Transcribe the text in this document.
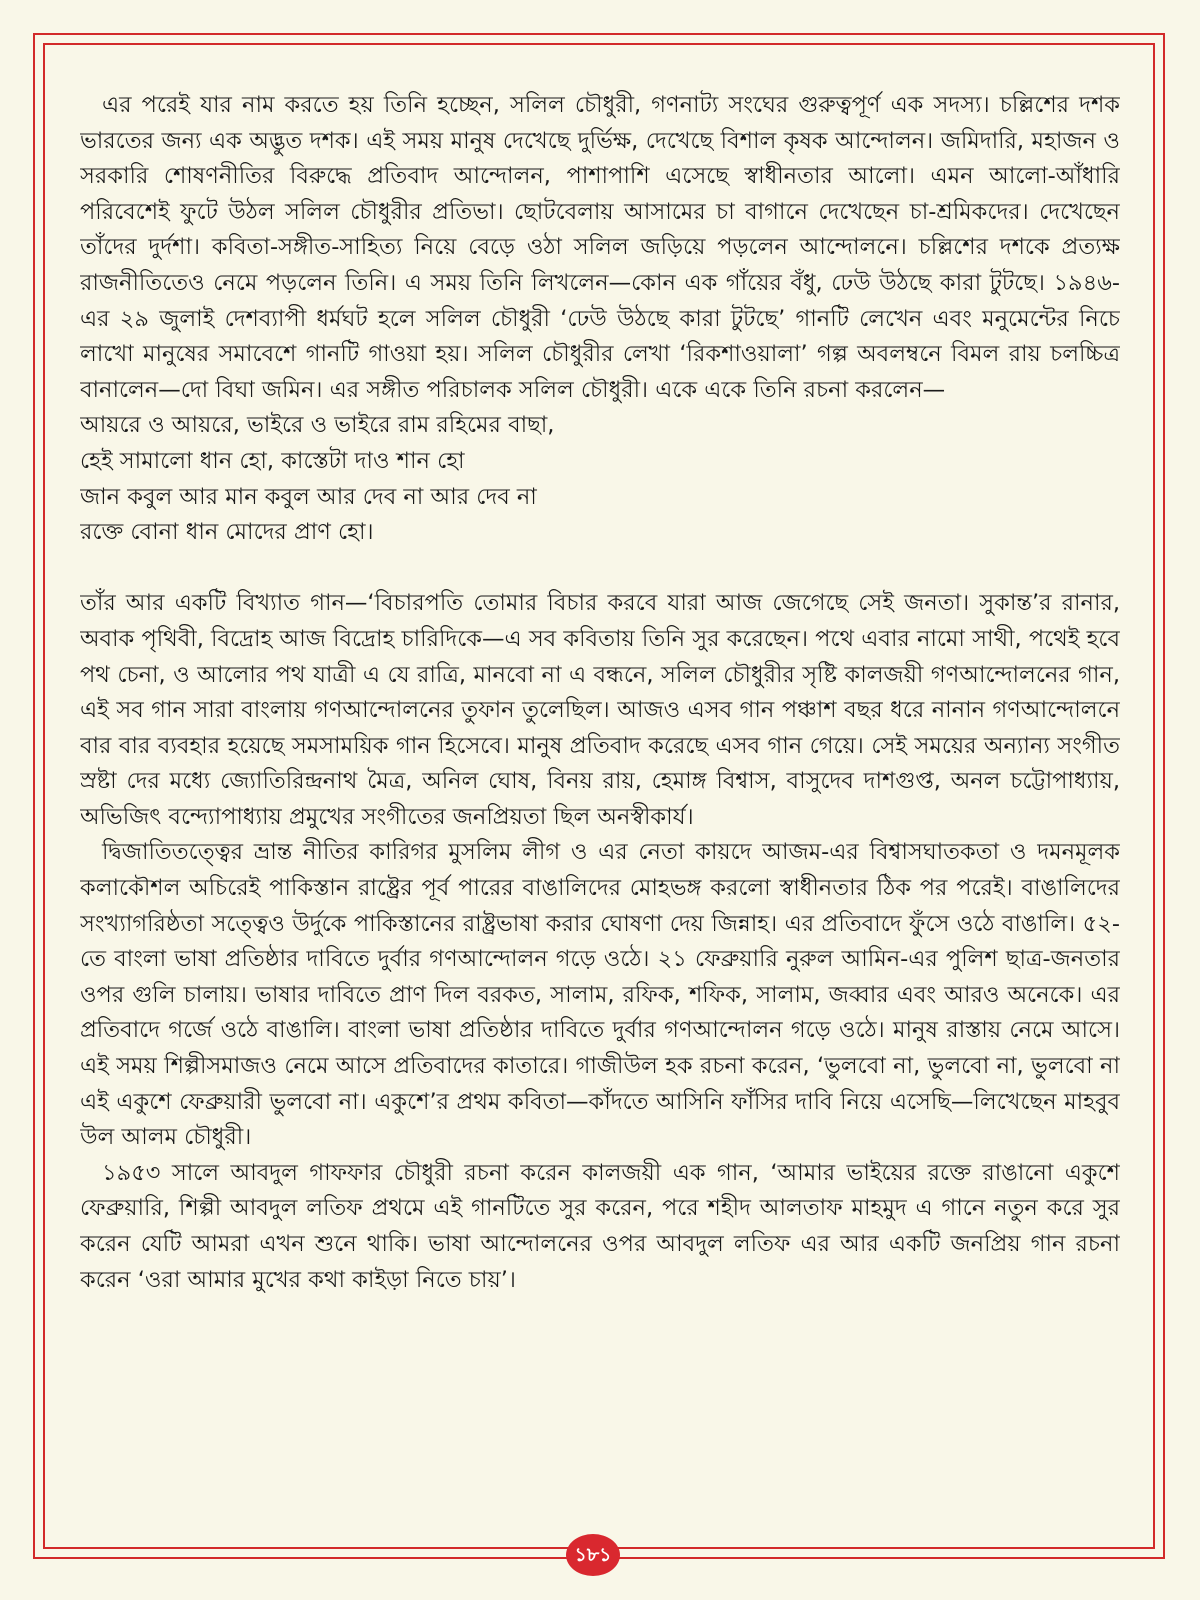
এর পরেই যার নাম করতে হয় তিনি হচ্ছেন, সলিল চৌধুরী, গণনাট্য সংঘের গুরুত্বপূর্ণ এক সদস্য। চল্লিশের দশক ভারতের জন্য এক অদ্ভুত দশক। এই সময় মানুষ দেখেছে দুর্ভিক্ষ, দেখেছে বিশাল কৃষক আন্দোলন। জমিদারি, মহাজন ও সরকারি শোষণনীতির বিরুদ্ধে প্রতিবাদ আন্দোলন, পাশাপাশি এসেছে স্বাধীনতার আলো। এমন আলো-আঁধারি পরিবেশেই ফুটে উঠল সলিল চৌধুরীর প্রতিভা। ছোটবেলায় আসামের চা বাগানে দেখেছেন চা-শ্রমিকদের। দেখেছেন তাঁদের দুর্দশা। কবিতা-সঙ্গীত-সাহিত্য নিয়ে বেড়ে ওঠা সলিল জড়িয়ে পড়লেন আন্দোলনে। চল্লিশের দশকে প্রত্যক্ষ রাজনীতিতেও নেমে পড়লেন তিনি। এ সময় তিনি লিখলেন—কোন এক গাঁয়ের বঁধু, ঢেউ উঠছে কারা টুটছে। ১৯৪৬-এর ২৯ জুলাই দেশব্যাপী ধর্মঘট হলে সলিল চৌধুরী ‘ঢেউ উঠছে কারা টুটছে’ গানটি লেখেন এবং মনুমেন্টের নিচে লাখো মানুষের সমাবেশে গানটি গাওয়া হয়। সলিল চৌধুরীর লেখা ‘রিকশাওয়ালা’ গল্প অবলম্বনে বিমল রায় চলচ্চিত্র বানালেন—দো বিঘা জমিন। এর সঙ্গীত পরিচালক সলিল চৌধুরী। একে একে তিনি রচনা করলেন—

আয়রে ও আয়রে, ভাইরে ও ভাইরে রাম রহিমের বাছা,
হেই সামালো ধান হো, কাস্তেটা দাও শান হো
জান কবুল আর মান কবুল আর দেব না আর দেব না
রক্তে বোনা ধান মোদের প্রাণ হো।

তাঁর আর একটি বিখ্যাত গান—‘বিচারপতি তোমার বিচার করবে যারা আজ জেগেছে সেই জনতা। সুকান্ত’র রানার, অবাক পৃথিবী, বিদ্রোহ আজ বিদ্রোহ চারিদিকে—এ সব কবিতায় তিনি সুর করেছেন। পথে এবার নামো সাথী, পথেই হবে পথ চেনা, ও আলোর পথ যাত্রী এ যে রাত্রি, মানবো না এ বন্ধনে, সলিল চৌধুরীর সৃষ্টি কালজয়ী গণআন্দোলনের গান, এই সব গান সারা বাংলায় গণআন্দোলনের তুফান তুলেছিল। আজও এসব গান পঞ্চাশ বছর ধরে নানান গণআন্দোলনে বার বার ব্যবহার হয়েছে সমসাময়িক গান হিসেবে। মানুষ প্রতিবাদ করেছে এসব গান গেয়ে। সেই সময়ের অন্যান্য সংগীত স্রষ্টা দের মধ্যে জ্যোতিরিন্দ্রনাথ মৈত্র, অনিল ঘোষ, বিনয় রায়, হেমাঙ্গ বিশ্বাস, বাসুদেব দাশগুপ্ত, অনল চট্টোপাধ্যায়, অভিজিৎ বন্দ্যোপাধ্যায় প্রমুখের সংগীতের জনপ্রিয়তা ছিল অনস্বীকার্য।

দ্বিজাতিতত্ত্বের ভ্রান্ত নীতির কারিগর মুসলিম লীগ ও এর নেতা কায়দে আজম-এর বিশ্বাসঘাতকতা ও দমনমূলক কলাকৌশল অচিরেই পাকিস্তান রাষ্ট্রের পূর্ব পারের বাঙালিদের মোহভঙ্গ করলো স্বাধীনতার ঠিক পর পরেই। বাঙালিদের সংখ্যাগরিষ্ঠতা সত্ত্বেও উর্দুকে পাকিস্তানের রাষ্ট্রভাষা করার ঘোষণা দেয় জিন্নাহ। এর প্রতিবাদে ফুঁসে ওঠে বাঙালি। ৫২-তে বাংলা ভাষা প্রতিষ্ঠার দাবিতে দুর্বার গণআন্দোলন গড়ে ওঠে। ২১ ফেব্রুয়ারি নুরুল আমিন-এর পুলিশ ছাত্র-জনতার ওপর গুলি চালায়। ভাষার দাবিতে প্রাণ দিল বরকত, সালাম, রফিক, শফিক, সালাম, জব্বার এবং আরও অনেকে। এর প্রতিবাদে গর্জে ওঠে বাঙালি। বাংলা ভাষা প্রতিষ্ঠার দাবিতে দুর্বার গণআন্দোলন গড়ে ওঠে। মানুষ রাস্তায় নেমে আসে। এই সময় শিল্পীসমাজও নেমে আসে প্রতিবাদের কাতারে। গাজীউল হক রচনা করেন, ‘ভুলবো না, ভুলবো না, ভুলবো না এই একুশে ফেব্রুয়ারী ভুলবো না। একুশে’র প্রথম কবিতা—কাঁদতে আসিনি ফাঁসির দাবি নিয়ে এসেছি—লিখেছেন মাহবুব উল আলম চৌধুরী।

১৯৫৩ সালে আবদুল গাফফার চৌধুরী রচনা করেন কালজয়ী এক গান, ‘আমার ভাইয়ের রক্তে রাঙানো একুশে ফেব্রুয়ারি, শিল্পী আবদুল লতিফ প্রথমে এই গানটিতে সুর করেন, পরে শহীদ আলতাফ মাহমুদ এ গানে নতুন করে সুর করেন যেটি আমরা এখন শুনে থাকি। ভাষা আন্দোলনের ওপর আবদুল লতিফ এর আর একটি জনপ্রিয় গান রচনা করেন ‘ওরা আমার মুখের কথা কাইড়া নিতে চায়’।

১৮১
